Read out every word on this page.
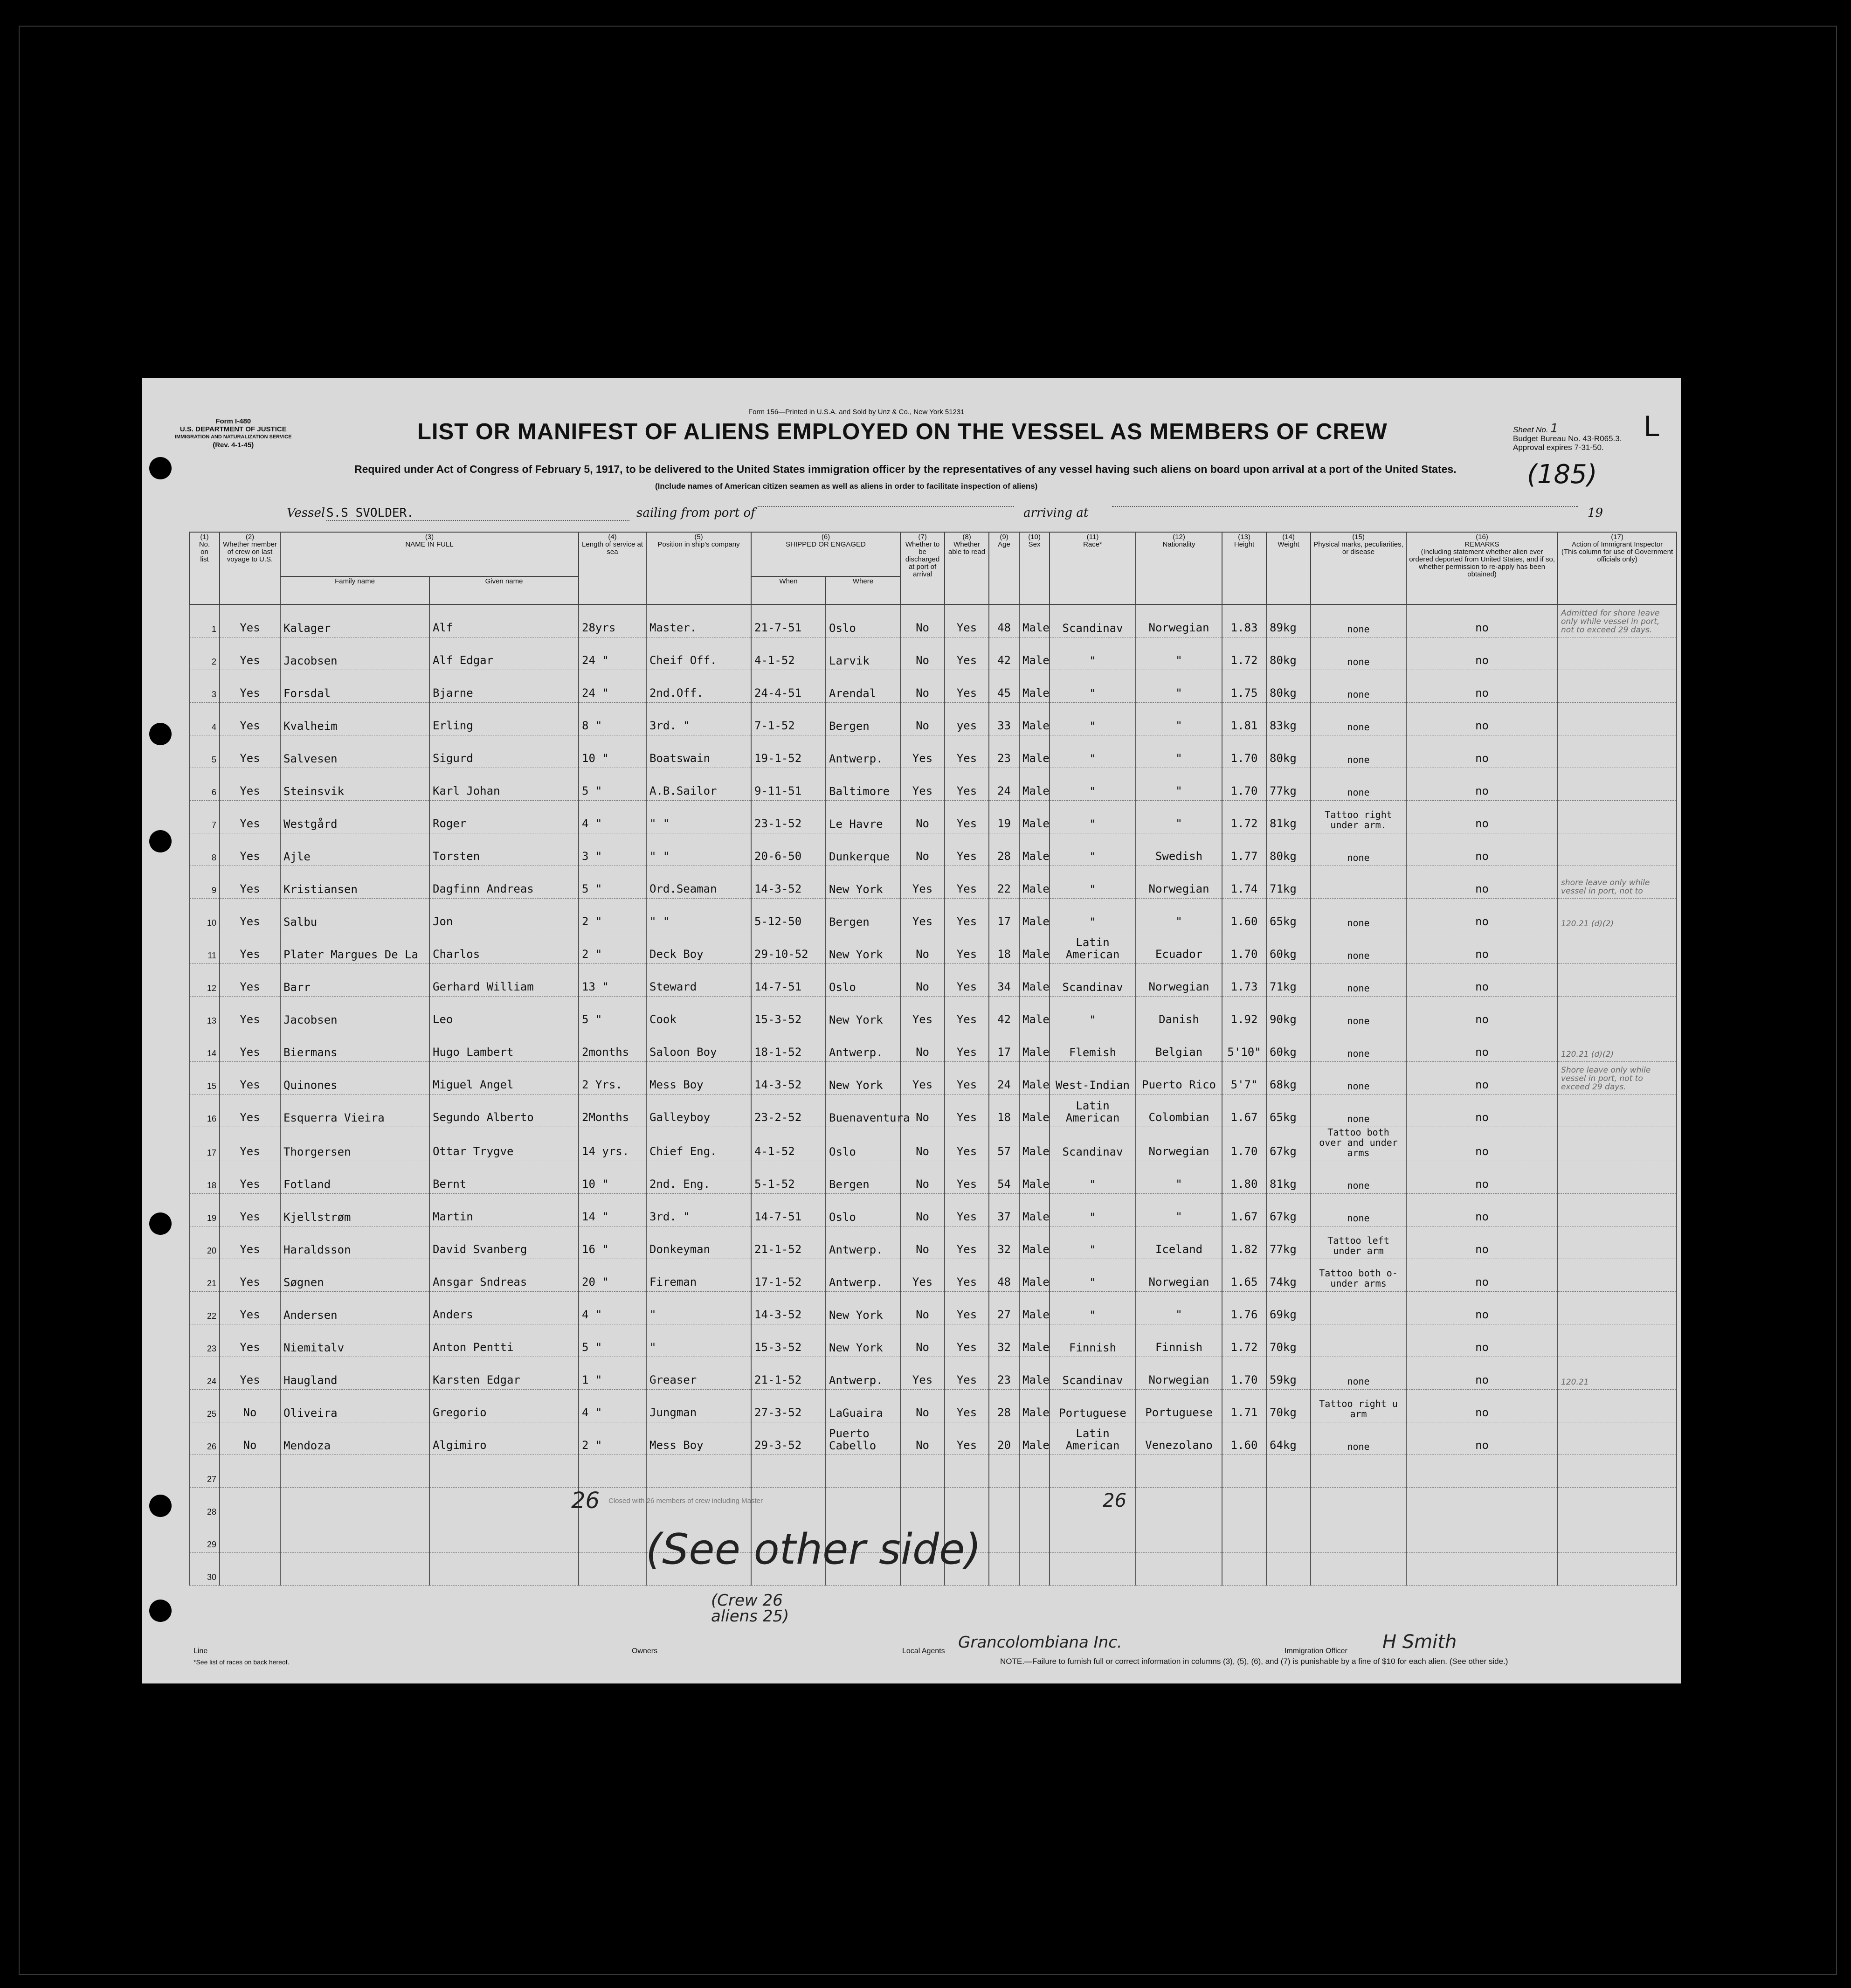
Form I-480
U.S. DEPARTMENT OF JUSTICE
IMMIGRATION AND NATURALIZATION SERVICE
(Rev. 4-1-45)
Form 156—Printed in U.S.A. and Sold by Unz & Co., New York 51231
LIST OR MANIFEST OF ALIENS EMPLOYED ON THE VESSEL AS MEMBERS OF CREW
Required under Act of Congress of February 5, 1917, to be delivered to the United States immigration officer by the representatives of any vessel having such aliens on board upon arrival at a port of the United States.
(Include names of American citizen seamen as well as aliens in order to facilitate inspection of aliens)
Sheet No. 1
Budget Bureau No. 43-R065.3.
Approval expires 7-31-50.
(185)
L
Vessel S.S SVOLDER.	sailing from port of	arriving at	19
(1)
No.
on
list	(2)
Whether member of crew on last voyage to U.S.	(3)
NAME IN FULL		(4)
Length of service at sea	(5)
Position in ship's company	(6)
SHIPPED OR ENGAGED		(7)
Whether to be discharged at port of arrival	(8)
Whether able to read	(9)
Age	(10)
Sex	(11)
Race*	(12)
Nationality	(13)
Height	(14)
Weight	(15)
Physical marks, peculiarities, or disease	(16)
REMARKS
(Including statement whether alien ever ordered deported from United States, and if so, whether permission to re-apply has been obtained)	(17)
Action of Immigrant Inspector
(This column for use of Government officials only)
		Family name	Given name			When	Where											
1	Yes	Kalager	Alf	28yrs	Master.	21-7-51	Oslo	No	Yes	48	Male	Scandinav	Norwegian	1.83	89kg	none	no	Admitted for shore leave only while vessel in port, not to exceed 29 days.
2	Yes	Jacobsen	Alf Edgar	24 "	Cheif Off.	4-1-52	Larvik	No	Yes	42	Male	"	"	1.72	80kg	none	no	
3	Yes	Forsdal	Bjarne	24 "	2nd.Off.	24-4-51	Arendal	No	Yes	45	Male	"	"	1.75	80kg	none	no	
4	Yes	Kvalheim	Erling	8 "	3rd. "	7-1-52	Bergen	No	yes	33	Male	"	"	1.81	83kg	none	no	
5	Yes	Salvesen	Sigurd	10 "	Boatswain	19-1-52	Antwerp.	Yes	Yes	23	Male	"	"	1.70	80kg	none	no	
6	Yes	Steinsvik	Karl Johan	5 "	A.B.Sailor	9-11-51	Baltimore	Yes	Yes	24	Male	"	"	1.70	77kg	none	no	
7	Yes	Westgård	Roger	4 "	" "	23-1-52	Le Havre	No	Yes	19	Male	"	"	1.72	81kg	Tattoo right under arm.	no	
8	Yes	Ajle	Torsten	3 "	" "	20-6-50	Dunkerque	No	Yes	28	Male	"	Swedish	1.77	80kg	none	no	
9	Yes	Kristiansen	Dagfinn Andreas	5 "	Ord.Seaman	14-3-52	New York	Yes	Yes	22	Male	"	Norwegian	1.74	71kg		no	shore leave only while vessel in port, not to
10	Yes	Salbu	Jon	2 "	" "	5-12-50	Bergen	Yes	Yes	17	Male	"	"	1.60	65kg	none	no	120.21 (d)(2)
11	Yes	Plater Margues De La	Charlos	2 "	Deck Boy	29-10-52	New York	No	Yes	18	Male	Latin American	Ecuador	1.70	60kg	none	no	
12	Yes	Barr	Gerhard William	13 "	Steward	14-7-51	Oslo	No	Yes	34	Male	Scandinav	Norwegian	1.73	71kg	none	no	
13	Yes	Jacobsen	Leo	5 "	Cook	15-3-52	New York	Yes	Yes	42	Male	"	Danish	1.92	90kg	none	no	
14	Yes	Biermans	Hugo Lambert	2months	Saloon Boy	18-1-52	Antwerp.	No	Yes	17	Male	Flemish	Belgian	5'10"	60kg	none	no	120.21 (d)(2)
15	Yes	Quinones	Miguel Angel	2 Yrs.	Mess Boy	14-3-52	New York	Yes	Yes	24	Male	West-Indian	Puerto Rico	5'7"	68kg	none	no	Shore leave only while vessel in port, not to exceed 29 days.
16	Yes	Esquerra Vieira	Segundo Alberto	2Months	Galleyboy	23-2-52	Buenaventura	No	Yes	18	Male	Latin American	Colombian	1.67	65kg	none	no	
17	Yes	Thorgersen	Ottar Trygve	14 yrs.	Chief Eng.	4-1-52	Oslo	No	Yes	57	Male	Scandinav	Norwegian	1.70	67kg	Tattoo both over and under arms	no	
18	Yes	Fotland	Bernt	10 "	2nd. Eng.	5-1-52	Bergen	No	Yes	54	Male	"	"	1.80	81kg	none	no	
19	Yes	Kjellstrøm	Martin	14 "	3rd. "	14-7-51	Oslo	No	Yes	37	Male	"	"	1.67	67kg	none	no	
20	Yes	Haraldsson	David Svanberg	16 "	Donkeyman	21-1-52	Antwerp.	No	Yes	32	Male	"	Iceland	1.82	77kg	Tattoo left under arm	no	
21	Yes	Søgnen	Ansgar Sndreas	20 "	Fireman	17-1-52	Antwerp.	Yes	Yes	48	Male	"	Norwegian	1.65	74kg	Tattoo both o- under arms	no	
22	Yes	Andersen	Anders	4 "	"	14-3-52	New York	No	Yes	27	Male	"	"	1.76	69kg		no	
23	Yes	Niemitalv	Anton Pentti	5 "	"	15-3-52	New York	No	Yes	32	Male	Finnish	Finnish	1.72	70kg		no	
24	Yes	Haugland	Karsten Edgar	1 "	Greaser	21-1-52	Antwerp.	Yes	Yes	23	Male	Scandinav	Norwegian	1.70	59kg	none	no	120.21
25	No	Oliveira	Gregorio	4 "	Jungman	27-3-52	LaGuaira	No	Yes	28	Male	Portuguese	Portuguese	1.71	70kg	Tattoo right u arm	no	
26	No	Mendoza	Algimiro	2 "	Mess Boy	29-3-52	Puerto Cabello	No	Yes	20	Male	Latin American	Venezolano	1.60	64kg	none	no	
27																		
28																		
29																		
30																		
Closed with 26 members of crew including Master
26	26
(See other side)
(Crew 26
aliens 25)
Line	Owners	Local Agents Grancolombiana Inc.	Immigration Officer H Smith
*See list of races on back hereof.	NOTE.—Failure to furnish full or correct information in columns (3), (5), (6), and (7) is punishable by a fine of $10 for each alien. (See other side.)
